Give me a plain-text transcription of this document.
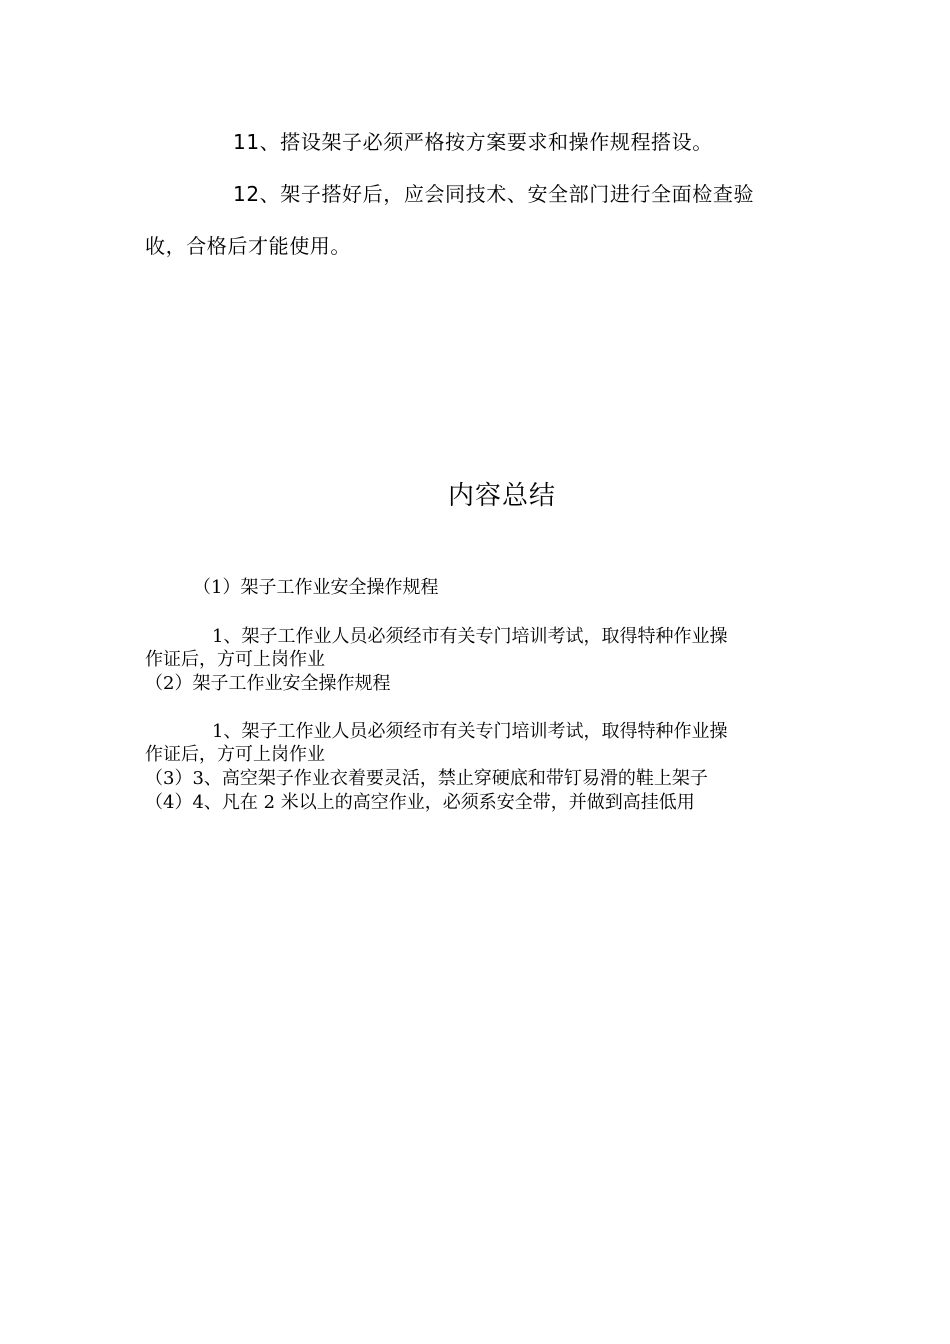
11、搭设架子必须严格按方案要求和操作规程搭设。
12、架子搭好后，应会同技术、安全部门进行全面检查验
收，合格后才能使用。
内容总结
（1）架子工作业安全操作规程
1、架子工作业人员必须经市有关专门培训考试，取得特种作业操
作证后，方可上岗作业
（2）架子工作业安全操作规程
1、架子工作业人员必须经市有关专门培训考试，取得特种作业操
作证后，方可上岗作业
（3）3、高空架子作业衣着要灵活，禁止穿硬底和带钉易滑的鞋上架子
（4）4、凡在 2 米以上的高空作业，必须系安全带，并做到高挂低用
